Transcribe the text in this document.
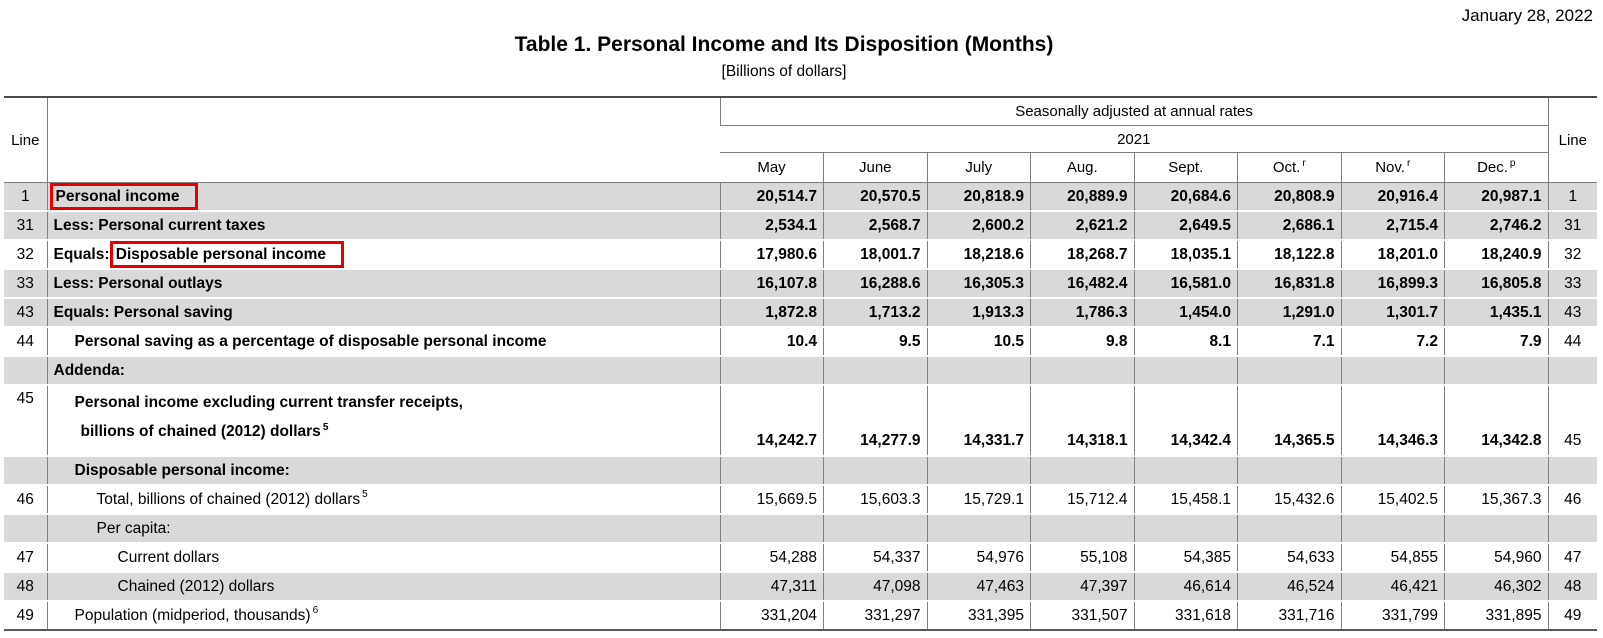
January 28, 2022
Table 1. Personal Income and Its Disposition (Months)
[Billions of dollars]
Line		Seasonally adjusted at annual rates								Line
		2021								
		May	June	July	Aug.	Sept.	Oct. $^r$	Nov. $^r$	Dec. $^p$
1	Personal income	20,514.7	20,570.5	20,818.9	20,889.9	20,684.6	20,808.9	20,916.4	20,987.1	1
31	Less: Personal current taxes	2,534.1	2,568.7	2,600.2	2,621.2	2,649.5	2,686.1	2,715.4	2,746.2	31
32	Equals: Disposable personal income	17,980.6	18,001.7	18,218.6	18,268.7	18,035.1	18,122.8	18,201.0	18,240.9	32
33	Less: Personal outlays	16,107.8	16,288.6	16,305.3	16,482.4	16,581.0	16,831.8	16,899.3	16,805.8	33
43	Equals: Personal saving	1,872.8	1,713.2	1,913.3	1,786.3	1,454.0	1,291.0	1,301.7	1,435.1	43
44	Personal saving as a percentage of disposable personal income	10.4	9.5	10.5	9.8	8.1	7.1	7.2	7.9	44
	Addenda:									
45	Personal income excluding current transfer receipts,
billions of chained (2012) dollars $^5$	14,242.7	14,277.9	14,331.7	14,318.1	14,342.4	14,365.5	14,346.3	14,342.8	45
	Disposable personal income:									
46	Total, billions of chained (2012) dollars $^5$	15,669.5	15,603.3	15,729.1	15,712.4	15,458.1	15,432.6	15,402.5	15,367.3	46
	Per capita:									
47	Current dollars	54,288	54,337	54,976	55,108	54,385	54,633	54,855	54,960	47
48	Chained (2012) dollars	47,311	47,098	47,463	47,397	46,614	46,524	46,421	46,302	48
49	Population (midperiod, thousands) $^6$	331,204	331,297	331,395	331,507	331,618	331,716	331,799	331,895	49
